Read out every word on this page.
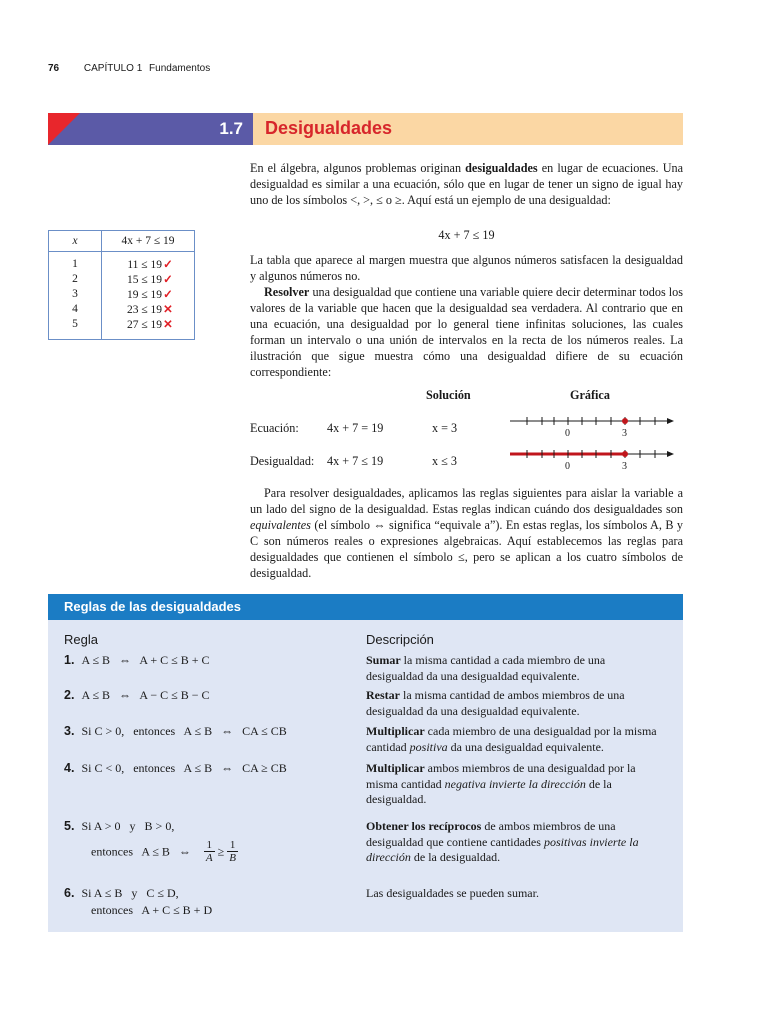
76 CAPÍTULO 1 Fundamentos
1.7 Desigualdades

En el álgebra, algunos problemas originan desigualdades en lugar de ecuaciones. Una desigualdad es similar a una ecuación, sólo que en lugar de tener un signo de igual hay uno de los símbolos <, >, ≤ o ≥. Aquí está un ejemplo de una desigualdad:

4x + 7 ≤ 19
x	4x + 7 ≤ 19
1	11 ≤ 19✓
2	15 ≤ 19✓
3	19 ≤ 19✓
4	23 ≤ 19✕
5	27 ≤ 19✕

La tabla que aparece al margen muestra que algunos números satisfacen la desigualdad y algunos números no.

Resolver una desigualdad que contiene una variable quiere decir determinar todos los valores de la variable que hacen que la desigualdad sea verdadera. Al contrario que en una ecuación, una desigualdad por lo general tiene infinitas soluciones, las cuales forman un intervalo o una unión de intervalos en la recta de los números reales. La ilustración que sigue muestra cómo una desigualdad difiere de su ecuación correspondiente:

Solución	Gráfica
Ecuación: 4x + 7 = 19	x = 3	0	3
Desigualdad: 4x + 7 ≤ 19	x ≤ 3	0	3

Para resolver desigualdades, aplicamos las reglas siguientes para aislar la variable a un lado del signo de la desigualdad. Estas reglas indican cuándo dos desigualdades son equivalentes (el símbolo ⇔ significa “equivale a”). En estas reglas, los símbolos A, B y C son números reales o expresiones algebraicas. Aquí establecemos las reglas para desigualdades que contienen el símbolo ≤, pero se aplican a los cuatro símbolos de desigualdad.

Reglas de las desigualdades
Regla	Descripción
1. A ≤ B   ⇔   A + C ≤ B + C	Sumar la misma cantidad a cada miembro de una desigualdad da una desigualdad equivalente.
2. A ≤ B   ⇔   A − C ≤ B − C	Restar la misma cantidad de ambos miembros de una desigualdad da una desigualdad equivalente.
3. Si C > 0,   entonces   A ≤ B   ⇔   CA ≤ CB	Multiplicar cada miembro de una desigualdad por la misma cantidad positiva da una desigualdad equivalente.
4. Si C < 0,   entonces   A ≤ B   ⇔   CA ≥ CB	Multiplicar ambos miembros de una desigualdad por la misma cantidad negativa invierte la dirección de la desigualdad.
5. Si A > 0   y   B > 0,
entonces   A ≤ B   ⇔ $\frac{1}{A} \ge \frac{1}{B}$
Obtener los recíprocos de ambos miembros de una desigualdad que contiene cantidades positivas invierte la dirección de la desigualdad.
6. Si A ≤ B   y   C ≤ D,
entonces   A + C ≤ B + D
Las desigualdades se pueden sumar.
